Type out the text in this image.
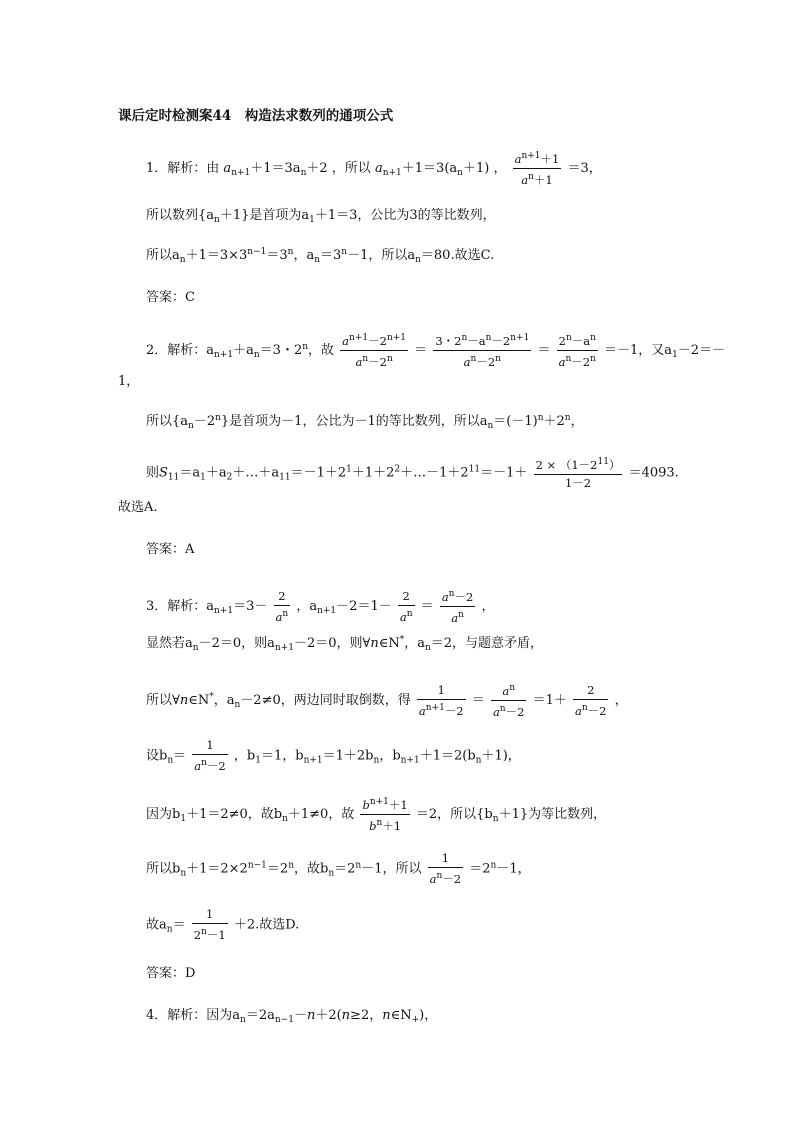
课后定时检测案44　构造法求数列的通项公式
1．解析：由 $a_{n+1}+1=3a_n+2$ ，所以 $a_{n+1}+1=3(a_n+1)$ ， $\frac{a^{n+1}+1}{a^n+1} =3$，
所以数列$\{a_n+1\}$是首项为$a_1+1=3$，公比为3的等比数列，
所以$a_n+1=3\times 3^{n-1}=3^n$，$a_n=3^n-1$，所以$a_n=80$.故选C.
答案：C
2．解析：$a_{n+1}+a_n=3$・2$^n$，故 $\frac{a^{n+1}-2^{n+1}}{a^n-2^n} = \frac{3・2^n-a^n-2^{n+1}}{a^n-2^n} = \frac{2^n-a^n}{a^n-2^n} =-1$，又$a_1-2=-$
1，
所以$\{a_n-2^n\}$是首项为－1，公比为－1的等比数列，所以$a_n=(-1)^n+2^n$，
则$S_{11}=a_1+a_2+\dots+a_{11}=-1+2^1+1+2^2+\dots-1+2^{11}=-1+ \frac{2 \times (1-2^{11})}{1-2} =4093$.
故选A.
答案：A
3．解析：$a_{n+1}=3- \frac{2}{a^n}$ ，$a_{n+1}-2=1- \frac{2}{a^n} = \frac{a^n-2}{a^n}$ ，
显然若$a_n-2=0$，则$a_{n+1}-2=0$，则∀n∈N*，$a_n=2$，与题意矛盾，
所以∀n∈N*，$a_n-2\ne 0$，两边同时取倒数，得 $\frac{1}{a^{n+1}-2} = \frac{a^n}{a^n-2} =1+ \frac{2}{a^n-2}$ ，
设$b_n= \frac{1}{a^n-2}$ ，$b_1=1$，$b_{n+1}=1+2b_n$，$b_{n+1}+1=2(b_n+1)$，
因为$b_1+1=2\ne 0$，故$b_n+1\ne 0$，故 $\frac{b^{n+1}+1}{b^n+1} =2$，所以$\{b_n+1\}$为等比数列，
所以$b_n+1=2\times 2^{n-1}=2^n$，故$b_n=2^n-1$，所以 $\frac{1}{a^n-2} =2^n-1$，
故$a_n= \frac{1}{2^n-1} +2$.故选D.
答案：D
4．解析：因为$a_n=2a_{n-1}-n+2(n\ge 2$，$n\in N_+$)，
